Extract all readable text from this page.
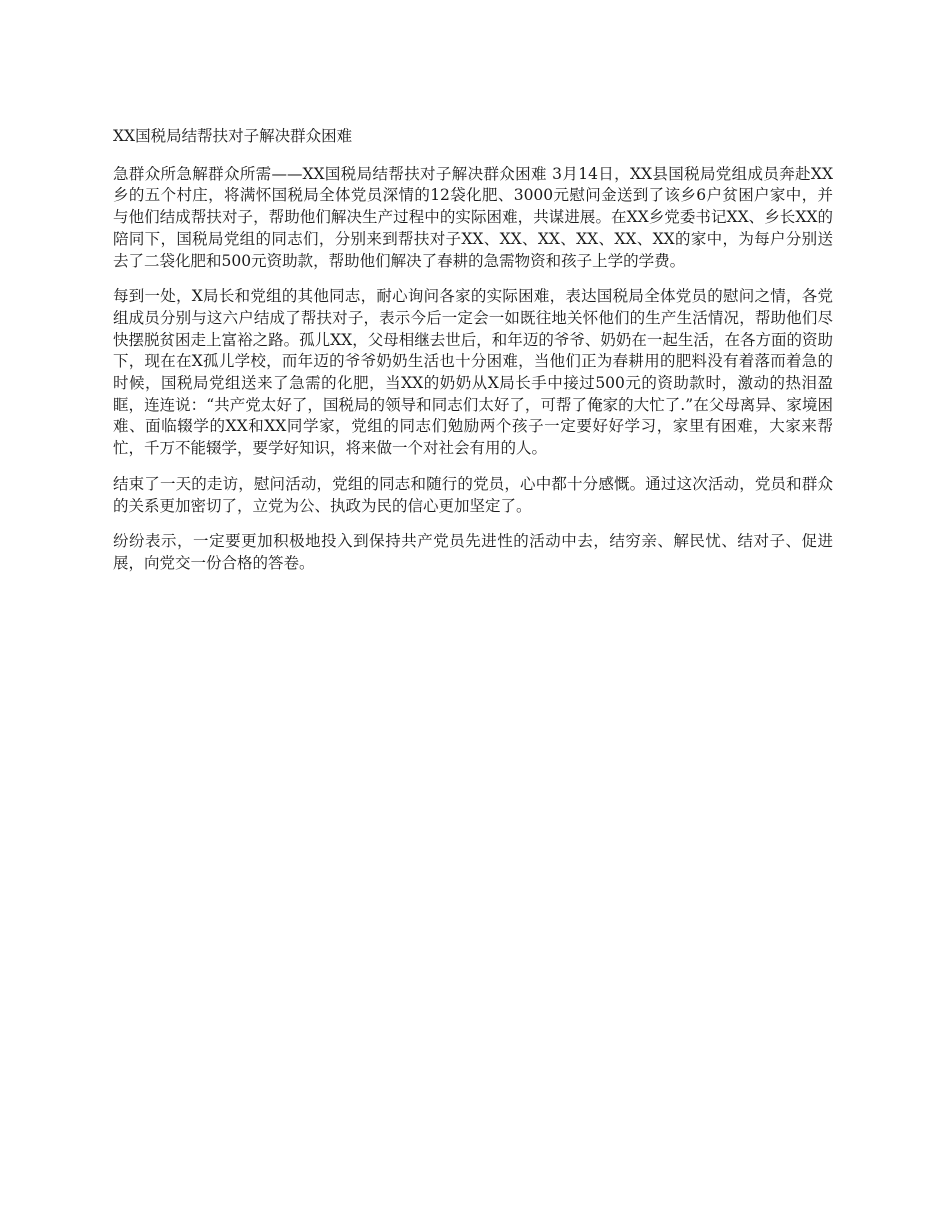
XX国税局结帮扶对子解决群众困难

急群众所急解群众所需——XX国税局结帮扶对子解决群众困难 3月14日，XX县国税局党组成员奔赴XX乡的五个村庄，将满怀国税局全体党员深情的12袋化肥、3000元慰问金送到了该乡6户贫困户家中，并与他们结成帮扶对子，帮助他们解决生产过程中的实际困难，共谋进展。在XX乡党委书记XX、乡长XX的陪同下，国税局党组的同志们，分别来到帮扶对子XX、XX、XX、XX、XX、XX的家中，为每户分别送去了二袋化肥和500元资助款，帮助他们解决了春耕的急需物资和孩子上学的学费。

每到一处，X局长和党组的其他同志，耐心询问各家的实际困难，表达国税局全体党员的慰问之情，各党组成员分别与这六户结成了帮扶对子，表示今后一定会一如既往地关怀他们的生产生活情况，帮助他们尽快摆脱贫困走上富裕之路。孤儿XX，父母相继去世后，和年迈的爷爷、奶奶在一起生活，在各方面的资助下，现在在X孤儿学校，而年迈的爷爷奶奶生活也十分困难，当他们正为春耕用的肥料没有着落而着急的时候，国税局党组送来了急需的化肥，当XX的奶奶从X局长手中接过500元的资助款时，激动的热泪盈眶，连连说：“共产党太好了，国税局的领导和同志们太好了，可帮了俺家的大忙了.”在父母离异、家境困难、面临辍学的XX和XX同学家，党组的同志们勉励两个孩子一定要好好学习，家里有困难，大家来帮忙，千万不能辍学，要学好知识，将来做一个对社会有用的人。

结束了一天的走访，慰问活动，党组的同志和随行的党员，心中都十分感慨。通过这次活动，党员和群众的关系更加密切了，立党为公、执政为民的信心更加坚定了。

纷纷表示，一定要更加积极地投入到保持共产党员先进性的活动中去，结穷亲、解民忧、结对子、促进展，向党交一份合格的答卷。
